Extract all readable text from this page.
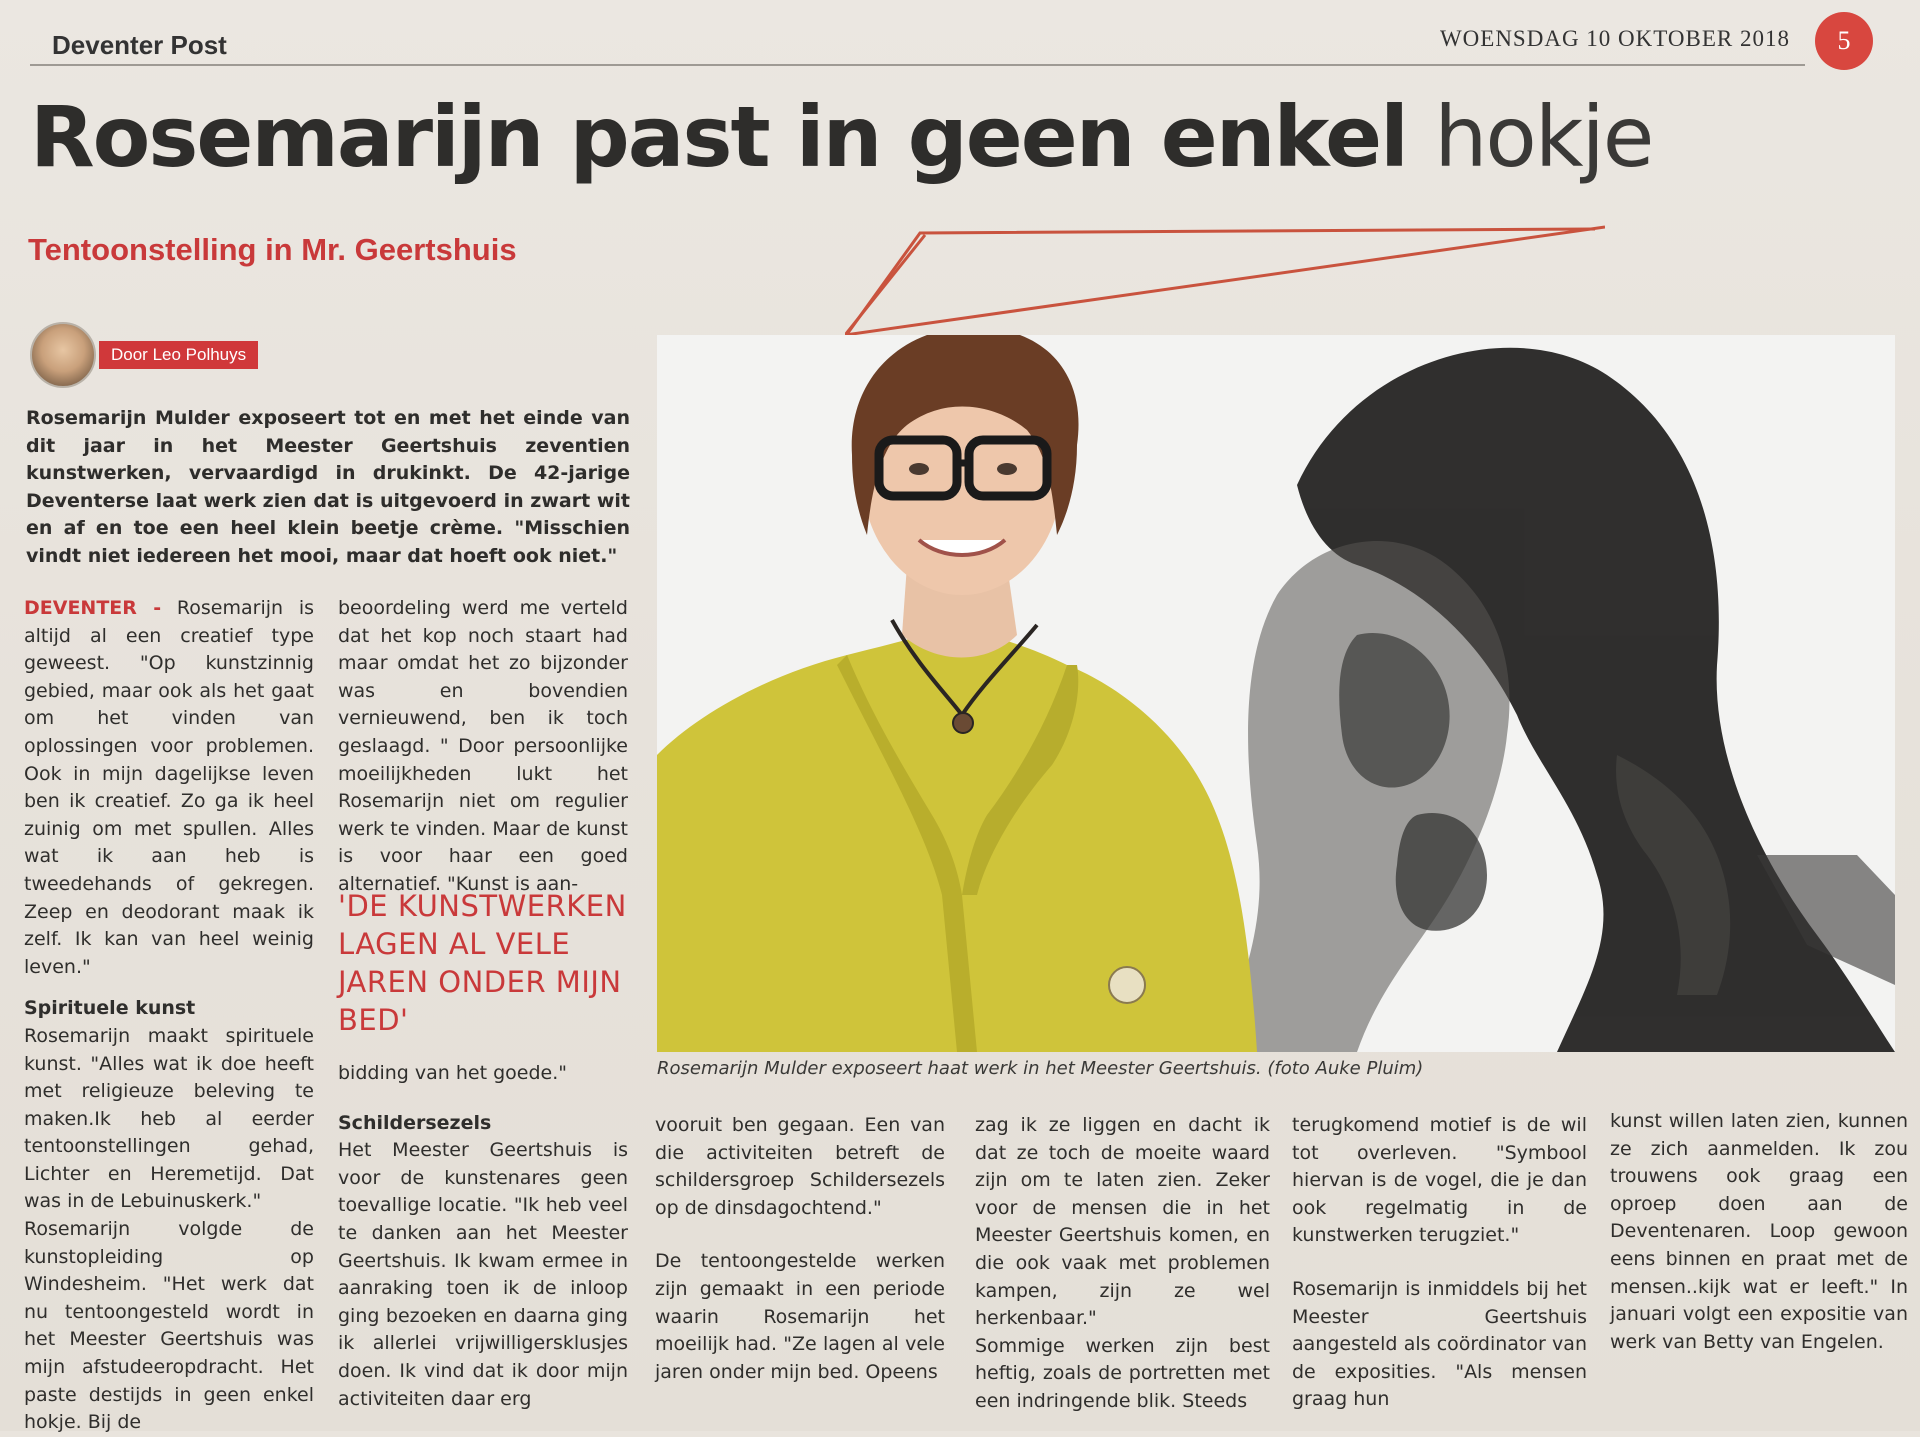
Deventer Post	WOENSDAG 10 OKTOBER 2018	5
Rosemarijn past in geen enkel hokje
Tentoonstelling in Mr. Geertshuis
Door Leo Polhuys
Rosemarijn Mulder exposeert tot en met het einde van dit jaar in het Meester Geertshuis zeventien kunstwerken, vervaardigd in drukinkt. De 42-jarige Deventerse laat werk zien dat is uitgevoerd in zwart wit en af en toe een heel klein beetje crème. "Misschien vindt niet iedereen het mooi, maar dat hoeft ook niet."

DEVENTER - Rosemarijn is altijd al een creatief type geweest. "Op kunstzinnig gebied, maar ook als het gaat om het vinden van oplossingen voor problemen. Ook in mijn dagelijkse leven ben ik creatief. Zo ga ik heel zuinig om met spullen. Alles wat ik aan heb is tweedehands of gekregen. Zeep en deodorant maak ik zelf. Ik kan van heel weinig leven."

Spirituele kunst

Rosemarijn maakt spirituele kunst. "Alles wat ik doe heeft met religieuze beleving te maken.Ik heb al eerder tentoonstellingen gehad, Lichter en Heremetijd. Dat was in de Lebuinuskerk."

Rosemarijn volgde de kunstopleiding op Windesheim. "Het werk dat nu tentoongesteld wordt in het Meester Geertshuis was mijn afstudeeropdracht. Het paste destijds in geen enkel hokje. Bij de

beoordeling werd me verteld dat het kop noch staart had maar omdat het zo bijzonder was en bovendien vernieuwend, ben ik toch geslaagd. " Door persoonlijke moeilijkheden lukt het Rosemarijn niet om regulier werk te vinden. Maar de kunst is voor haar een goed alternatief. "Kunst is aan-

'DE KUNSTWERKEN LAGEN AL VELE JAREN ONDER MIJN BED'

bidding van het goede."

Schildersezels

Het Meester Geertshuis is voor de kunstenares geen toevallige locatie. "Ik heb veel te danken aan het Meester Geertshuis. Ik kwam ermee in aanraking toen ik de inloop ging bezoeken en daarna ging ik allerlei vrijwilligersklusjes doen. Ik vind dat ik door mijn activiteiten daar erg

Rosemarijn Mulder exposeert haat werk in het Meester Geertshuis. (foto Auke Pluim)

vooruit ben gegaan. Een van die activiteiten betreft de schildersgroep Schildersezels op de dinsdagochtend."

De tentoongestelde werken zijn gemaakt in een periode waarin Rosemarijn het moeilijk had. "Ze lagen al vele jaren onder mijn bed. Opeens

zag ik ze liggen en dacht ik dat ze toch de moeite waard zijn om te laten zien. Zeker voor de mensen die in het Meester Geertshuis komen, en die ook vaak met problemen kampen, zijn ze wel herkenbaar."

Sommige werken zijn best heftig, zoals de portretten met een indringende blik. Steeds

terugkomend motief is de wil tot overleven. "Symbool hiervan is de vogel, die je dan ook regelmatig in de kunstwerken terugziet."

Rosemarijn is inmiddels bij het Meester Geertshuis aangesteld als coördinator van de exposities. "Als mensen graag hun

kunst willen laten zien, kunnen ze zich aanmelden. Ik zou trouwens ook graag een oproep doen aan de Deventenaren. Loop gewoon eens binnen en praat met de mensen..kijk wat er leeft." In januari volgt een expositie van werk van Betty van Engelen.
